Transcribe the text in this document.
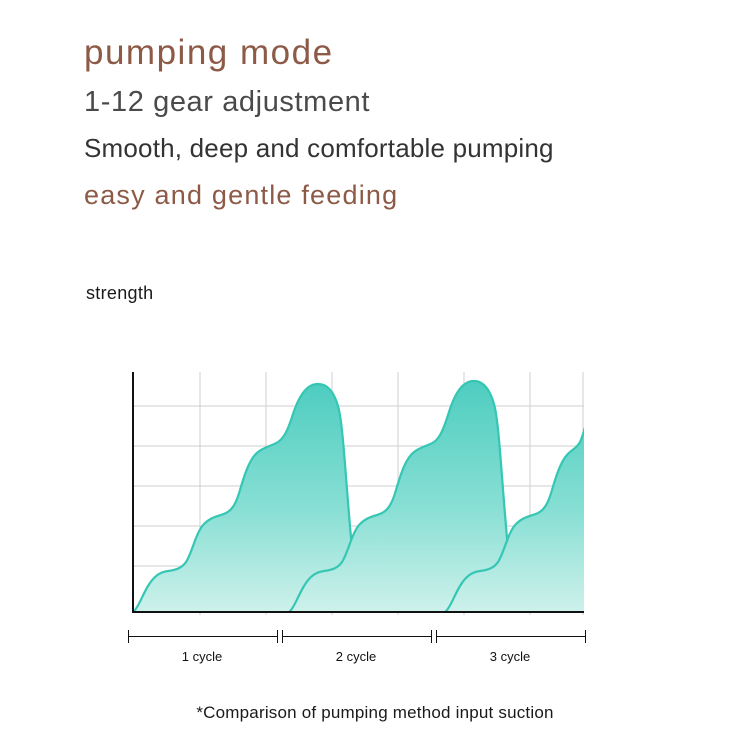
pumping mode
1-12 gear adjustment
Smooth, deep and comfortable pumping
easy and gentle feeding
strength
1 cycle	2 cycle	3 cycle
*Comparison of pumping method input suction
